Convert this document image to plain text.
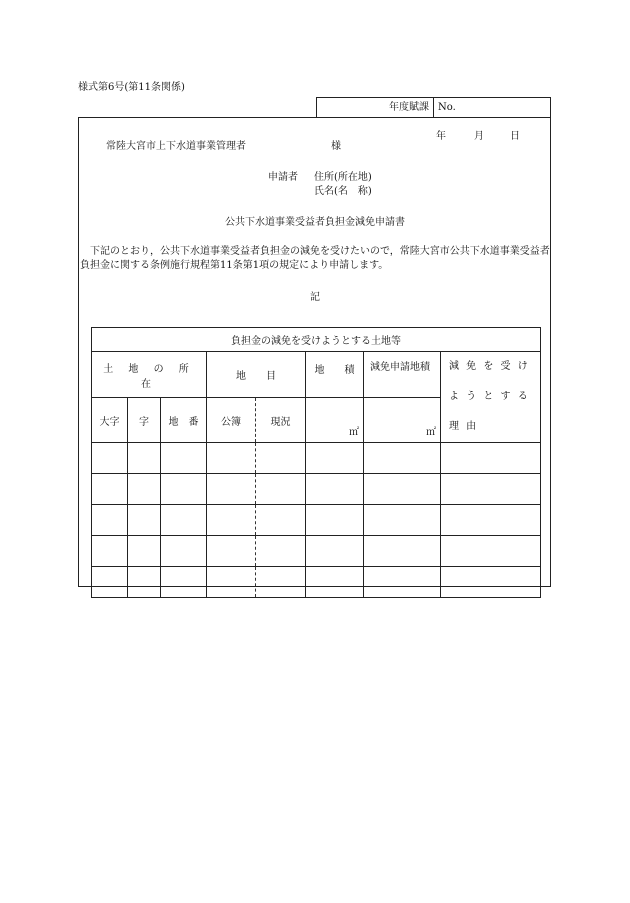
様式第6号(第11条関係)
年度賦課 No.
年	月	日
常陸大宮市上下水道事業管理者	様
申請者 住所(所在地)
氏名(名　称)
公共下水道事業受益者負担金減免申請書
下記のとおり，公共下水道事業受益者負担金の減免を受けたいので，常陸大宮市公共下水道事業受益者負担金に関する条例施行規程第11条第1項の規定により申請します。
記
負担金の減免を受けようとする土地等							
土 地 の 所 在			地　　目		地　　積	減免申請地積	減 免 を 受 け よ う と す る 理 由
大字	字	地　番	公簿	現況	㎡	㎡	
